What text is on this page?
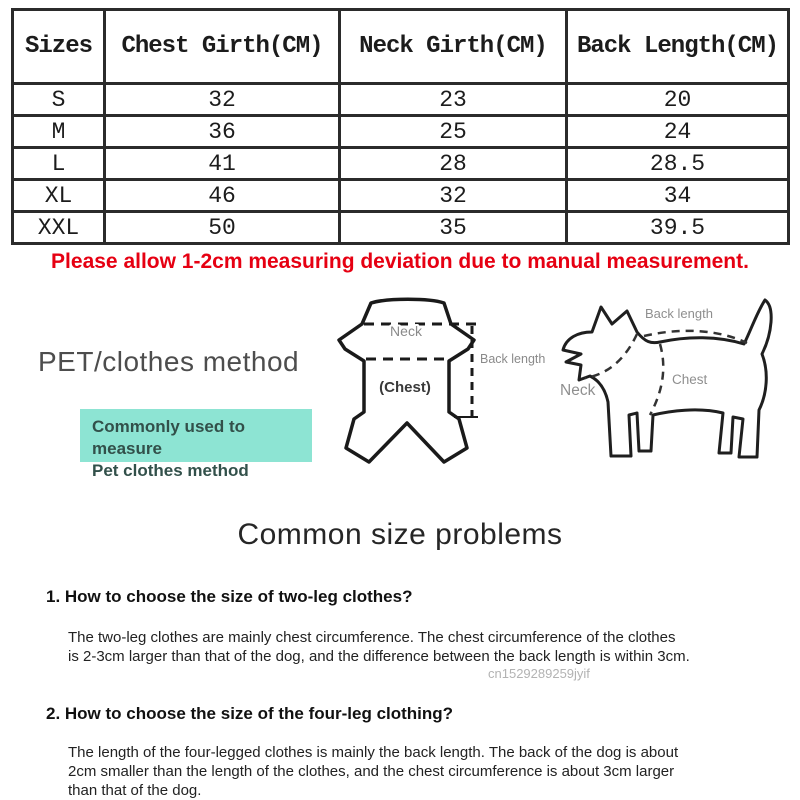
Sizes	Chest Girth(CM)	Neck Girth(CM)	Back Length(CM)
S	32	23	20
M	36	25	24
L	41	28	28.5
XL	46	32	34
XXL	50	35	39.5
Please allow 1-2cm measuring deviation due to manual measurement.
PET/clothes method
Commonly used to measure
Pet clothes method
Neck
(Chest)
Back length
Back length
Neck
Chest
Common size problems
1. How to choose the size of two-leg clothes?
The two-leg clothes are mainly chest circumference. The chest circumference of the clothes is 2-3cm larger than that of the dog, and the difference between the back length is within 3cm.
cn1529289259jyif
2. How to choose the size of the four-leg clothing?
The length of the four-legged clothes is mainly the back length. The back of the dog is about 2cm smaller than the length of the clothes, and the chest circumference is about 3cm larger than that of the dog.
